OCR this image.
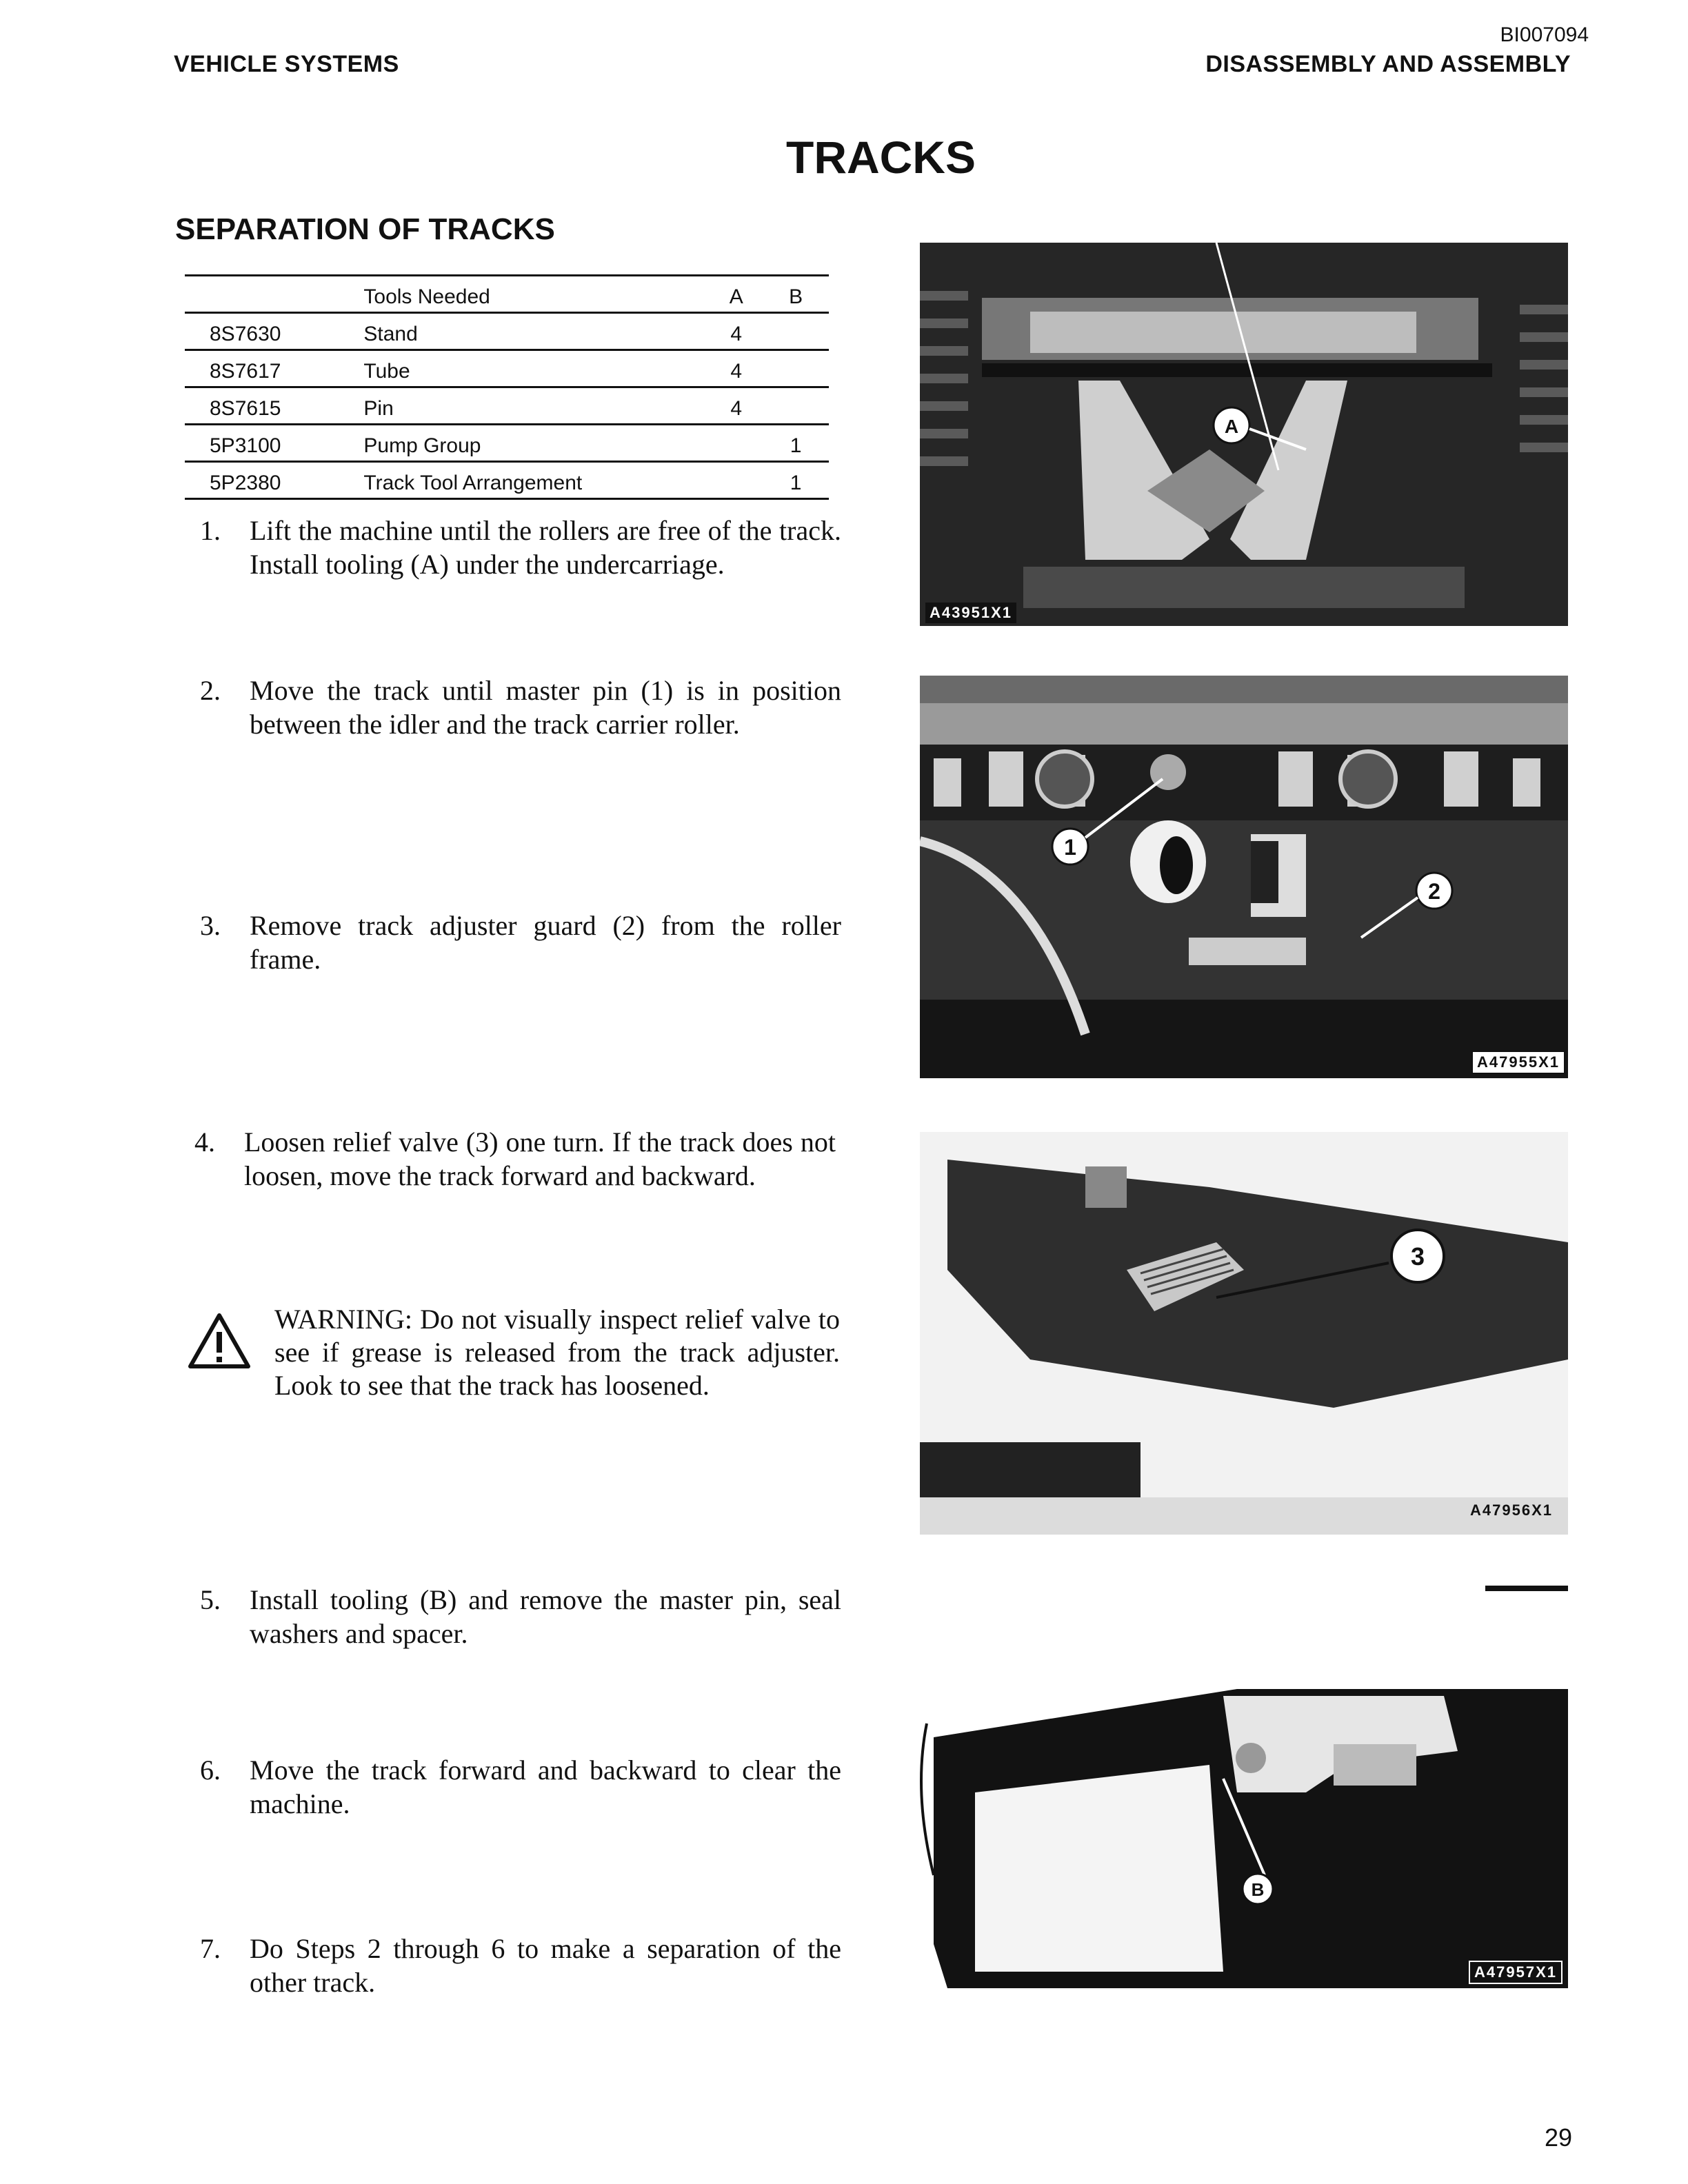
VEHICLE SYSTEMS
BI007094
DISASSEMBLY AND ASSEMBLY
TRACKS
SEPARATION OF TRACKS
	Tools Needed	A	B
8S7630	Stand	4	
8S7617	Tube	4	
8S7615	Pin	4	
5P3100	Pump Group		1
5P2380	Track Tool Arrangement		1
1. Lift the machine until the rollers are free of the track. Install tooling (A) under the undercarriage.
2. Move the track until master pin (1) is in position between the idler and the track carrier roller.
3. Remove track adjuster guard (2) from the roller frame.
4. Loosen relief valve (3) one turn. If the track does not loosen, move the track forward and backward.
WARNING: Do not visually inspect relief valve to see if grease is released from the track adjuster. Look to see that the track has loosened.
5. Install tooling (B) and remove the master pin, seal washers and spacer.
6. Move the track forward and backward to clear the machine.
7. Do Steps 2 through 6 to make a separation of the other track.
A
A43951X1
1
2
A47955X1
3
A47956X1
B
A47957X1
29
